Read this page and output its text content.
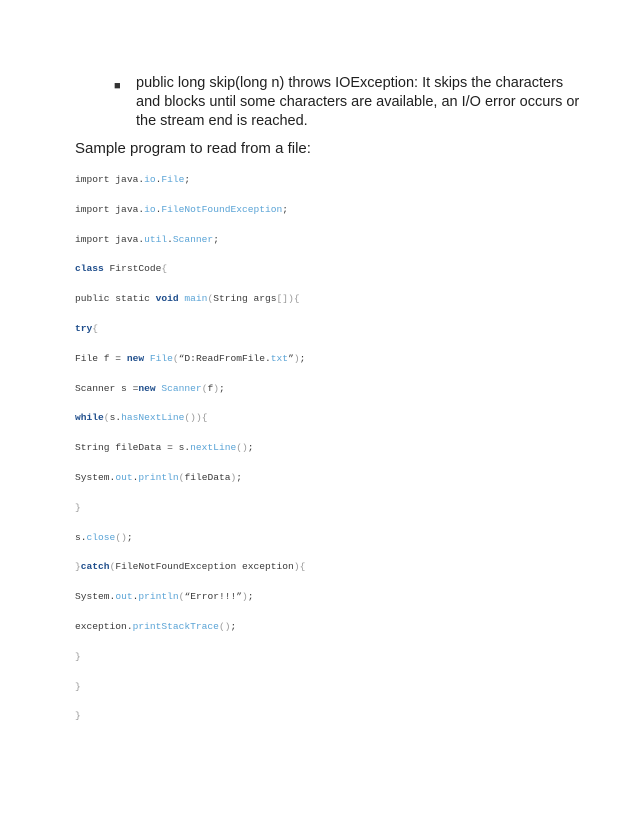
■ public long skip(long n) throws IOException: It skips the characters and blocks until some characters are available, an I/O error occurs or the stream end is reached.
Sample program to read from a file:
import java.io.File;
import java.io.FileNotFoundException;
import java.util.Scanner;
class FirstCode{
public static void main(String args[]){
try{
File f = new File(“D:ReadFromFile.txt”);
Scanner s =new Scanner(f);
while(s.hasNextLine()){
String fileData = s.nextLine();
System.out.println(fileData);
}
s.close();
}catch(FileNotFoundException exception){
System.out.println(“Error!!!”);
exception.printStackTrace();
}
}
}
